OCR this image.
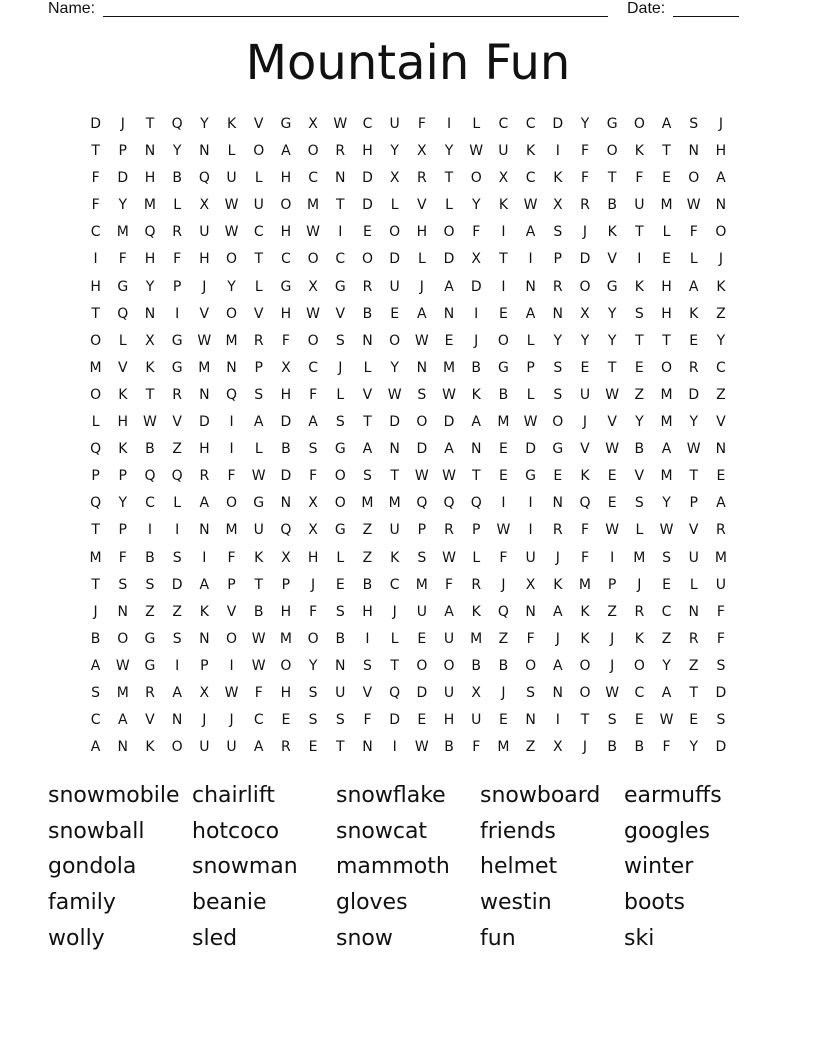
Name:	Date:
Mountain Fun
D	J	T	Q	Y	K	V	G	X	W	C	U	F	I	L	C	C	D	Y	G	O	A	S	J
T	P	N	Y	N	L	O	A	O	R	H	Y	X	Y	W	U	K	I	F	O	K	T	N	H
F	D	H	B	Q	U	L	H	C	N	D	X	R	T	O	X	C	K	F	T	F	E	O	A
F	Y	M	L	X	W	U	O	M	T	D	L	V	L	Y	K	W	X	R	B	U	M	W	N
C	M	Q	R	U	W	C	H	W	I	E	O	H	O	F	I	A	S	J	K	T	L	F	O
I	F	H	F	H	O	T	C	O	C	O	D	L	D	X	T	I	P	D	V	I	E	L	J
H	G	Y	P	J	Y	L	G	X	G	R	U	J	A	D	I	N	R	O	G	K	H	A	K
T	Q	N	I	V	O	V	H	W	V	B	E	A	N	I	E	A	N	X	Y	S	H	K	Z
O	L	X	G	W	M	R	F	O	S	N	O	W	E	J	O	L	Y	Y	Y	T	T	E	Y
M	V	K	G	M	N	P	X	C	J	L	Y	N	M	B	G	P	S	E	T	E	O	R	C
O	K	T	R	N	Q	S	H	F	L	V	W	S	W	K	B	L	S	U	W	Z	M	D	Z
L	H	W	V	D	I	A	D	A	S	T	D	O	D	A	M	W	O	J	V	Y	M	Y	V
Q	K	B	Z	H	I	L	B	S	G	A	N	D	A	N	E	D	G	V	W	B	A	W	N
P	P	Q	Q	R	F	W	D	F	O	S	T	W W	T	E	G	E	K	E	V	M	T	E
Q	Y	C	L	A	O	G	N	X	O	M	M	Q	Q	Q	I	I	N	Q	E	S	Y	P	A
T	P	I	I	N	M	U	Q	X	G	Z	U	P	R	P	W	I	R	F	W	L	W	V	R
M	F	B	S	I	F	K	X	H	L	Z	K	S	W	L	F	U	J	F	I	M	S	U	M
T	S	S	D	A	P	T	P	J	E	B	C	M	F	R	J	X	K	M	P	J	E	L	U
J	N	Z	Z	K	V	B	H	F	S	H	J	U	A	K	Q	N	A	K	Z	R	C	N	F
B	O	G	S	N	O	W	M	O	B	I	L	E	U	M	Z	F	J	K	J	K	Z	R	F
A	W	G	I	P	I	W	O	Y	N	S	T	O	O	B	B	O	A	O	J	O	Y	Z	S
S	M	R	A	X	W	F	H	S	U	V	Q	D	U	X	J	S	N	O	W	C	A	T	D
C	A	V	N	J	J	C	E	S	S	F	D	E	H	U	E	N	I	T	S	E	W	E	S
A	N	K	O	U	U	A	R	E	T	N	I	W	B	F	M	Z	X	J	B	B	F	Y	D
snowmobile chairlift	snowflake	snowboard	earmuffs
snowball	hotcoco	snowcat	friends	googles
gondola	snowman	mammoth	helmet	winter
family	beanie	gloves	westin	boots
wolly	sled	snow	fun	ski
